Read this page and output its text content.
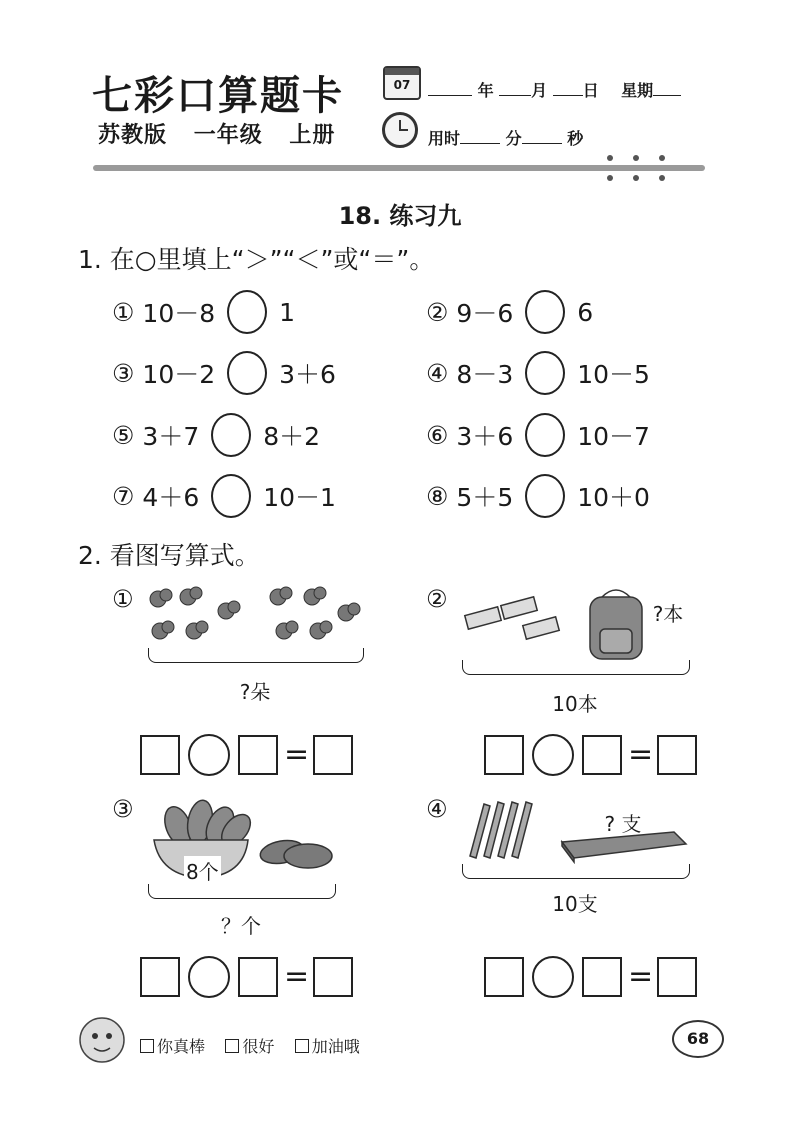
七彩口算题卡
苏教版 一年级 上册
07	年 月 日 星期
用时	分	秒
18. 练习九
1. 在○里填上“＞”“＜”或“＝”。
① 10－8	1	② 9－6	6
③ 10－2	3＋6	④ 8－3	10－5
⑤ 3＋7	8＋2	⑥ 3＋6	10－7
⑦ 4＋6	10－1	⑧ 5＋5	10＋0
2. 看图写算式。
①
?朵
=
②
?本
10本
=
③
8个
？个
=
④
? 支
10支
=
你真棒 很好 加油哦	68
